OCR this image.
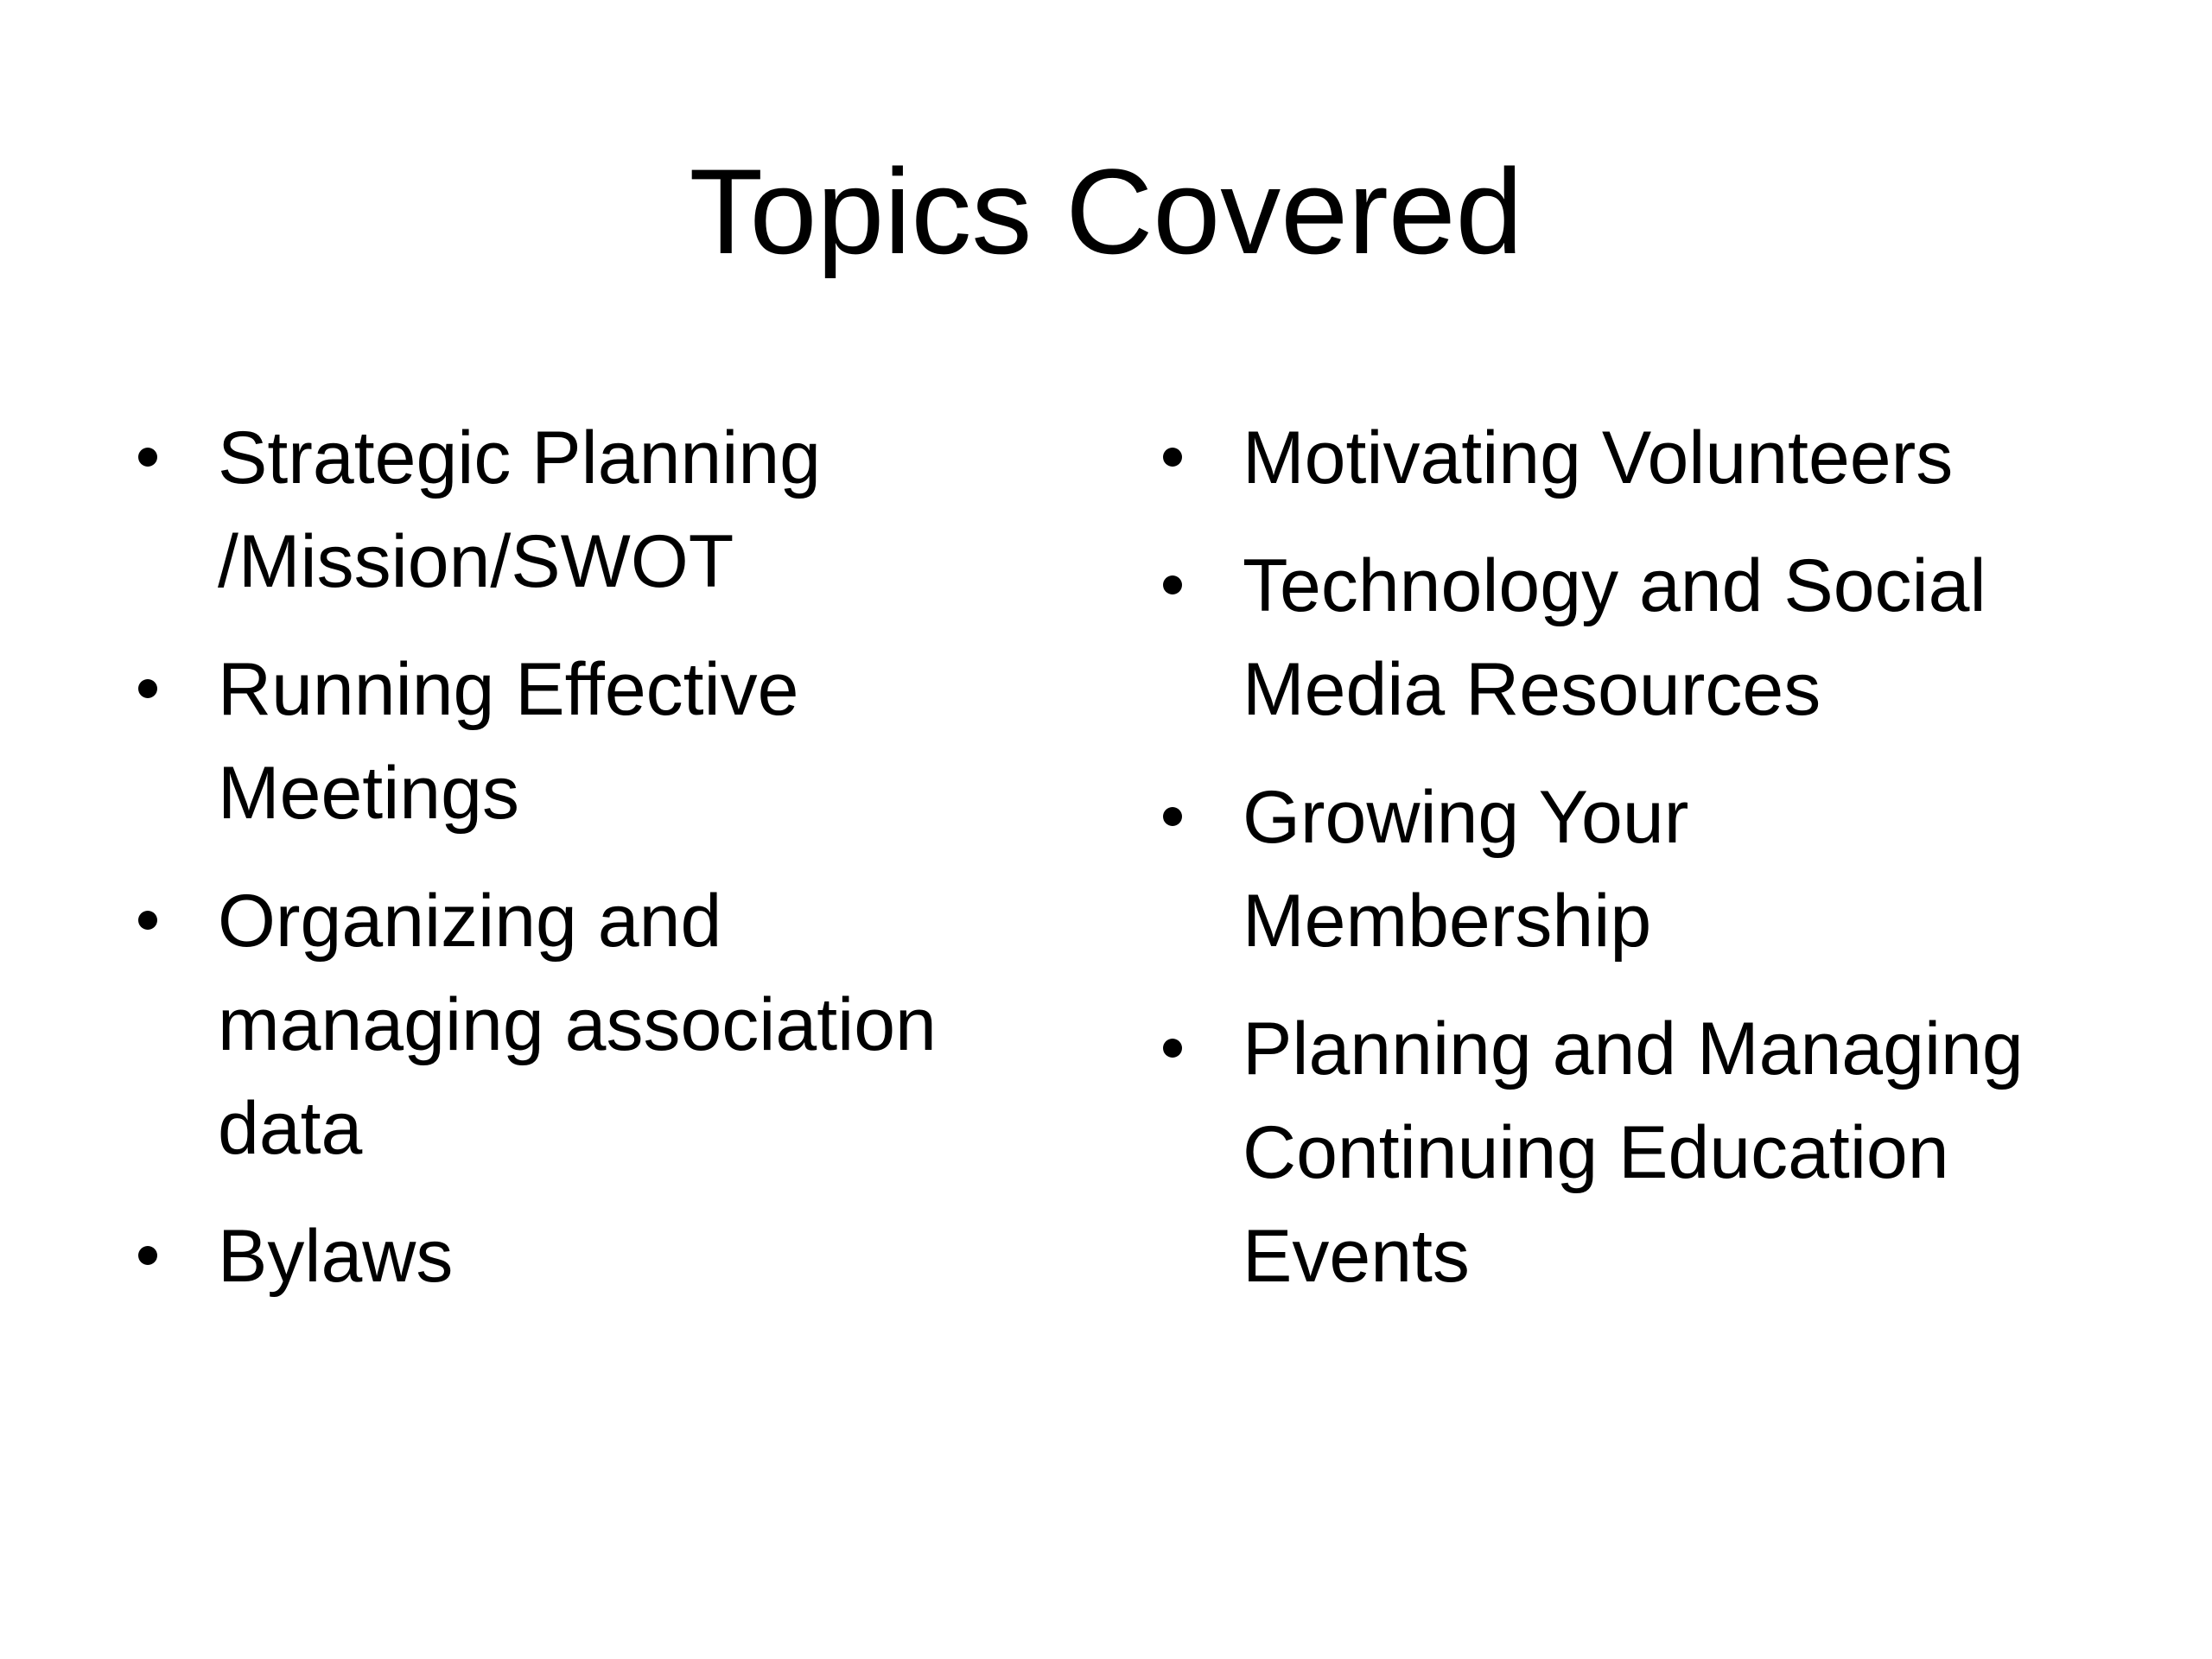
Topics Covered
Strategic Planning
/Mission/SWOT
Running Effective
Meetings
Organizing and
managing association
data
Bylaws
Motivating Volunteers
Technology and Social
Media Resources
Growing Your
Membership
Planning and Managing
Continuing Education
Events
